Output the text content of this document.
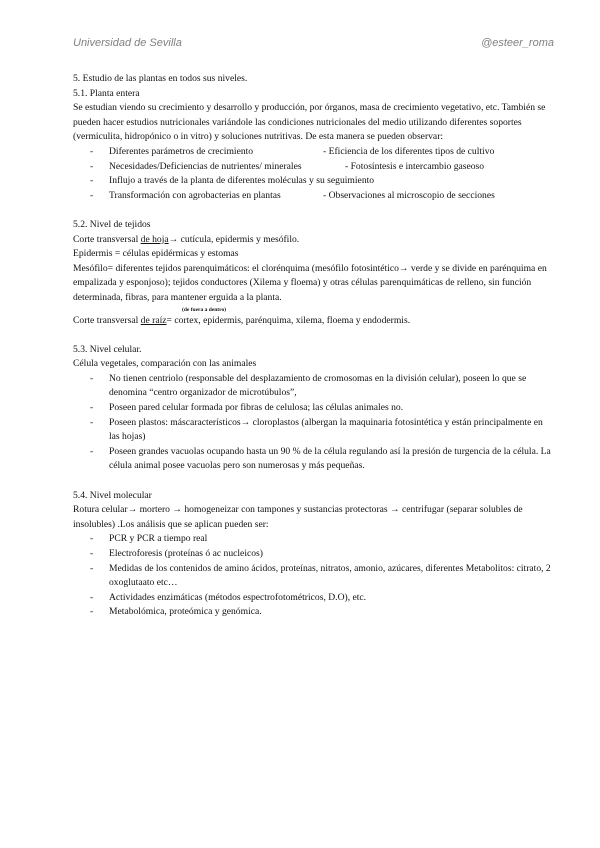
Universidad de Sevilla	@esteer_roma

5. Estudio de las plantas en todos sus niveles.

5.1. Planta entera

Se estudian viendo su crecimiento y desarrollo y producción, por órganos, masa de crecimiento vegetativo, etc. También se pueden hacer estudios nutricionales variándole las condiciones nutricionales del medio utilizando diferentes soportes (vermiculita, hidropónico o in vitro) y soluciones nutritivas. De esta manera se pueden observar:

- Diferentes parámetros de crecimiento	- Eficiencia de los diferentes tipos de cultivo
- Necesidades/Deficiencias de nutrientes/ minerales	- Fotosíntesis e intercambio gaseoso
- Influjo a través de la planta de diferentes moléculas y su seguimiento
- Transformación con agrobacterias en plantas	- Observaciones al microscopio de secciones

5.2. Nivel de tejidos

Corte transversal de hoja→ cutícula, epidermis y mesófilo.

Epidermis = células epidérmicas y estomas

Mesófilo= diferentes tejidos parenquimáticos: el clorénquima (mesófilo fotosintético→ verde y se divide en parénquima en empalizada y esponjoso); tejidos conductores (Xilema y floema) y otras células parenquimáticas de relleno, sin función determinada, fibras, para mantener erguida a la planta.

(de fuera a dentro)

Corte transversal de raíz= cortex, epidermis, parénquima, xilema, floema y endodermis.

5.3. Nivel celular.

Célula vegetales, comparación con las animales

- No tienen centriolo (responsable del desplazamiento de cromosomas en la división celular), poseen lo que se denomina “centro organizador de microtúbulos”,
- Poseen pared celular formada por fibras de celulosa; las células animales no.
- Poseen plastos: máscaracterísticos→ cloroplastos (albergan la maquinaria fotosintética y están principalmente en las hojas)
- Poseen grandes vacuolas ocupando hasta un 90 % de la célula regulando así la presión de turgencia de la célula. La célula animal posee vacuolas pero son numerosas y más pequeñas.

5.4. Nivel molecular

Rotura celular→ mortero → homogeneizar con tampones y sustancias protectoras → centrifugar (separar solubles de insolubles) .Los análisis que se aplican pueden ser:

- PCR y PCR a tiempo real
- Electroforesis (proteínas ó ac nucleicos)
- Medidas de los contenidos de amino ácidos, proteínas, nitratos, amonio, azúcares, diferentes Metabolitos: citrato, 2 oxoglutaato etc…
- Actividades enzimáticas (métodos espectrofotométricos, D.O), etc.
- Metabolómica, proteómica y genómica.
